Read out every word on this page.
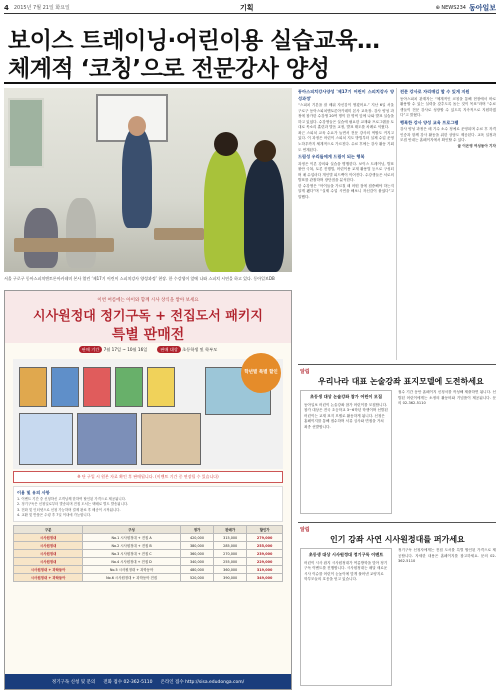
4 2015년 7월 21일 화요일	기획	⊕ NEWS234 동아일보
보이스 트레이닝·어린이용 실습교육…
체계적 ‘코칭’으로 전문강사 양성
서울 구로구 동아스피치앤토론아카데미 본사 열린 ‘제17기 어린이 스피치강사 양성과정’ 현장. 한 수강생이 앞에 나와 스피치 시연을 하고 있다. 동아일보DB
동아스피치강사양성 '제17기 어린이 스피치강사 양성과정'

“스피치 기본을 잘 배워 자신감이 생겼어요.” 지난 6일 서울 구로구 동아스피치앤토론아카데미 본사 교육장. 강사 양성 과정에 참가한 수강생 20여 명이 한 명씩 앞에 나와 발표 실습을 하고 있었다. 수강생들은 실습에 필요한 교재와 프로그램을 토대로 목소리 훈련과 발음 교정, 발표 태도를 차례로 익혔다.

최근 스피치 교육 수요가 늘면서 전문 강사의 역할도 커지고 있다. 이 과정은 어린이 스피치 지도 방법부터 실제 수업 운영 노하우까지 체계적으로 가르친다. 수료 후에는 강사 활동 기회도 연계된다.

드림성 우리들에게 드림이 되는 행복

과정은 이론 강의와 실습을 병행한다. 보이스 트레이닝, 발표 불안 극복, 토론 진행법, 어린이용 교재 활용법 등으로 구성되며 매 수업마다 개인별 피드백이 이어진다. 수강생들은 서로의 발표를 관찰하며 장단점을 분석한다.

한 수강생은 “아이들을 가르칠 때 어떤 점에 집중해야 하는지 알게 됐다”며 “실제 수업 시연을 해보니 자신감이 붙었다”고 말했다.

전문 강사로 자리매김 할 수 있게 지원

동아스피치 관계자는 “체계적인 코칭을 통해 현장에서 바로 활용할 수 있는 실력을 갖추도록 돕는 것이 목표”라며 “수료생들이 전문 강사로 성장할 수 있도록 지속적으로 지원하겠다”고 밝혔다.

행복한 강사 양성 교육 프로그램

강사 양성 과정은 매 기수 소수 정예로 운영되며 수료 후 자격 인증과 함께 강사 활동을 위한 상담도 제공된다. 교육 일정과 모집 안내는 홈페이지에서 확인할 수 있다.

글 이은영 여성동아 기자

이번 여름에는 아이와 함께 시사 상식을 쌓아 보세요
시사원정대 정기구독 + 전집도서 패키지
특별 판매전
판매 기간 7월 17일 ~ 10월 16일	판매 대상 초등학생 및 학부모
학년별 특별 할인
※ 단 구입 시 원본 자료 확인 후 판매됩니다. (이벤트 기간 중 연장될 수 있습니다)
이용 및 유의 사항
1. 이벤트 기간 중 신청하신 고객님께 한하여 할인된 가격으로 제공됩니다.
2. 정기구독은 신청일로부터 발송되며 전집 도서는 택배로 별도 발송됩니다.
3. 전화 및 인터넷으로 신청 가능하며 결제 완료 후 배송이 시작됩니다.
4. 교환 및 반품은 수령 후 7일 이내에 가능합니다.
구분	구성	정가	판매가	할인가
시사원정대	No.1 시사원정대 + 전집 A	420,000	315,000	279,000
시사원정대	No.2 시사원정대 + 전집 B	380,000	285,000	255,000
시사원정대	No.3 시사원정대 + 전집 C	360,000	270,000	239,000
시사원정대	No.4 시사원정대 + 전집 D	340,000	255,000	229,000
시사원정대 + 과학동아	No.5 시사원정대 + 과학동아	480,000	360,000	319,000
시사원정대 + 과학동아	No.6 시사원정대 + 과학동아 전집	520,000	390,000	349,000
정기구독 신청 및 문의 전화 접수 02-362-5110 온라인 접수 http://sisa.edudonga.com/
알림
우리나라 대표 논술강좌 표지모델에 도전하세요
초등생 대상 논술강좌 참가 어린이 모집
동아일보 어린이 논술강좌 참가 어린이를 모집합니다. 참가 대상은 전국 초등학교 3~6학년 학생이며 선발된 어린이는 교재 표지 모델로 활동하게 됩니다. 신청은 홈페이지를 통해 접수하며 서류 심사와 면접을 거쳐 최종 선발합니다.

접수 기간 동안 홈페이지 신청서를 작성해 제출하면 됩니다. 선발된 어린이에게는 소정의 활동비와 기념품이 제공됩니다. 문의 02-362-5110

알림
인기 강좌 사연 시사원정대를 퍼가세요
초등생 대상 시사원정대 정기구독 이벤트
어린이 시사 잡지 시사원정대가 여름방학을 맞아 정기구독 이벤트를 진행합니다. 시사원정대는 매달 새로운 시사 이슈를 어린이 눈높이에 맞게 풀어낸 교양지로 학부모들의 호응을 얻고 있습니다.

정기구독 신청자에게는 전집 도서를 특별 할인된 가격으로 제공합니다. 자세한 내용은 홈페이지를 참고하세요. 문의 02-362-5110
